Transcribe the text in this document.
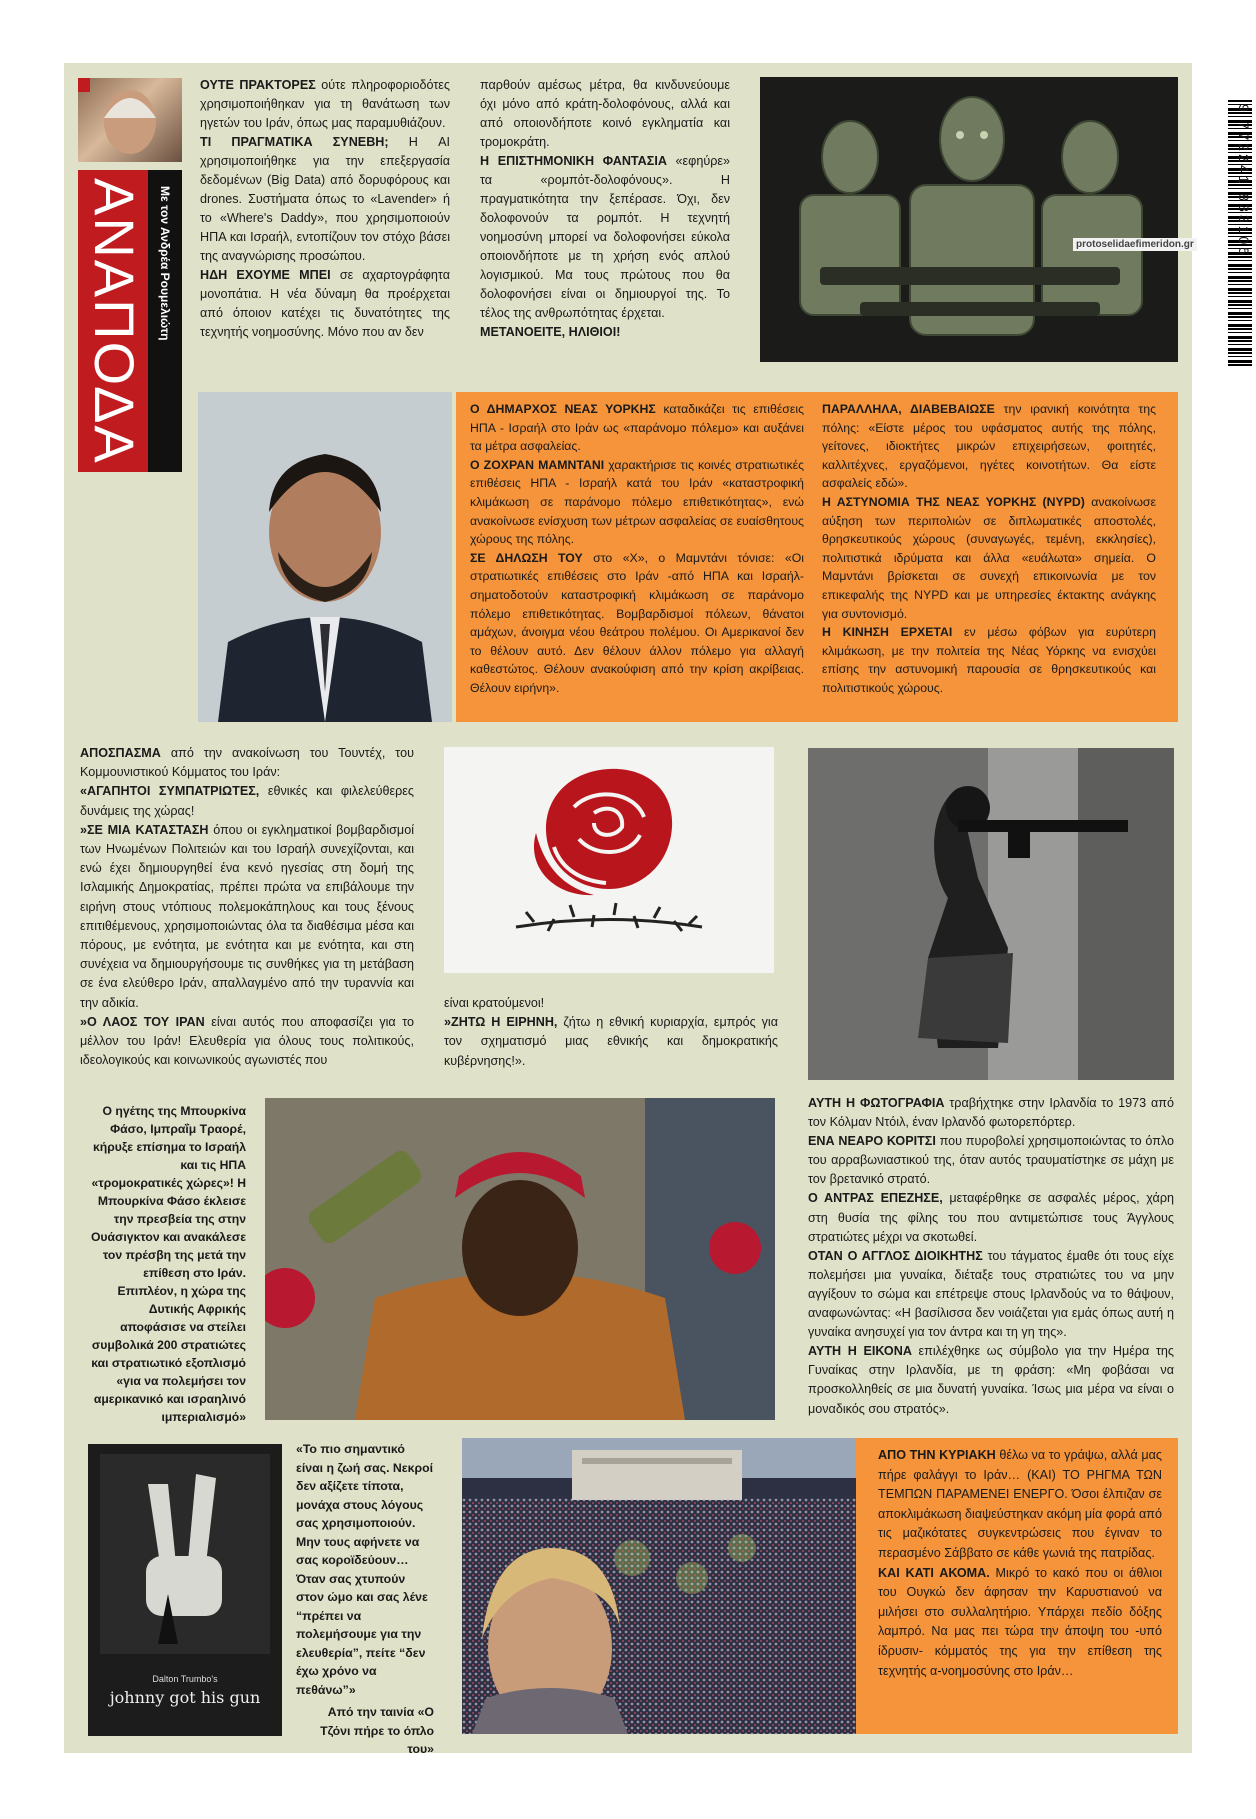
ΑΝΑΠΟΔΑ Με τον Ανδρέα Ρουμελιώτη

ΟΥΤΕ ΠΡΑΚΤΟΡΕΣ ούτε πληροφοριοδότες χρησιμοποιήθηκαν για τη θανάτωση των ηγετών του Ιράν, όπως μας παραμυθιάζουν.

ΤΙ ΠΡΑΓΜΑΤΙΚΑ ΣΥΝΕΒΗ; Η AI χρησιμοποιήθηκε για την επεξεργασία δεδομένων (Big Data) από δορυφόρους και drones. Συστήματα όπως το «Lavender» ή το «Where's Daddy», που χρησιμοποιούν ΗΠΑ και Ισραήλ, εντοπίζουν τον στόχο βάσει της αναγνώρισης προσώπου.

ΗΔΗ ΕΧΟΥΜΕ ΜΠΕΙ σε αχαρτογράφητα μονοπάτια. Η νέα δύναμη θα προέρχεται από όποιον κατέχει τις δυνατότητες της τεχνητής νοημοσύνης. Μόνο που αν δεν

παρθούν αμέσως μέτρα, θα κινδυνεύουμε όχι μόνο από κράτη-δολοφόνους, αλλά και από οποιονδήποτε κοινό εγκληματία και τρομοκράτη.

Η ΕΠΙΣΤΗΜΟΝΙΚΗ ΦΑΝΤΑΣΙΑ «εφηύρε» τα «ρομπότ-δολοφόνους». Η πραγματικότητα την ξεπέρασε. Όχι, δεν δολοφονούν τα ρομπότ. Η τεχνητή νοημοσύνη μπορεί να δολοφονήσει εύκολα οποιονδήποτε με τη χρήση ενός απλού λογισμικού. Μα τους πρώτους που θα δολοφονήσει είναι οι δημιουργοί της. Το τέλος της ανθρωπότητας έρχεται.

ΜΕΤΑΝΟΕΙΤΕ, ΗΛΙΘΙΟΙ!

9 772241 833105
protoselidaefimeridon.gr

Ο ΔΗΜΑΡΧΟΣ ΝΕΑΣ ΥΟΡΚΗΣ καταδικάζει τις επιθέσεις ΗΠΑ - Ισραήλ στο Ιράν ως «παράνομο πόλεμο» και αυξάνει τα μέτρα ασφαλείας.

Ο ΖΟΧΡΑΝ ΜΑΜΝΤΑΝΙ χαρακτήρισε τις κοινές στρατιωτικές επιθέσεις ΗΠΑ - Ισραήλ κατά του Ιράν «καταστροφική κλιμάκωση σε παράνομο πόλεμο επιθετικότητας», ενώ ανακοίνωσε ενίσχυση των μέτρων ασφαλείας σε ευαίσθητους χώρους της πόλης.

ΣΕ ΔΗΛΩΣΗ ΤΟΥ στο «Χ», ο Μαμντάνι τόνισε: «Οι στρατιωτικές επιθέσεις στο Ιράν -από ΗΠΑ και Ισραήλ- σηματοδοτούν καταστροφική κλιμάκωση σε παράνομο πόλεμο επιθετικότητας. Βομβαρδισμοί πόλεων, θάνατοι αμάχων, άνοιγμα νέου θεάτρου πολέμου. Οι Αμερικανοί δεν το θέλουν αυτό. Δεν θέλουν άλλον πόλεμο για αλλαγή καθεστώτος. Θέλουν ανακούφιση από την κρίση ακρίβειας. Θέλουν ειρήνη».

ΠΑΡΑΛΛΗΛΑ, ΔΙΑΒΕΒΑΙΩΣΕ την ιρανική κοινότητα της πόλης: «Είστε μέρος του υφάσματος αυτής της πόλης, γείτονες, ιδιοκτήτες μικρών επιχειρήσεων, φοιτητές, καλλιτέχνες, εργαζόμενοι, ηγέτες κοινοτήτων. Θα είστε ασφαλείς εδώ».

Η ΑΣΤΥΝΟΜΙΑ ΤΗΣ ΝΕΑΣ ΥΟΡΚΗΣ (NYPD) ανακοίνωσε αύξηση των περιπολιών σε διπλωματικές αποστολές, θρησκευτικούς χώρους (συναγωγές, τεμένη, εκκλησίες), πολιτιστικά ιδρύματα και άλλα «ευάλωτα» σημεία. Ο Μαμντάνι βρίσκεται σε συνεχή επικοινωνία με τον επικεφαλής της NYPD και με υπηρεσίες έκτακτης ανάγκης για συντονισμό.

Η ΚΙΝΗΣΗ ΕΡΧΕΤΑΙ εν μέσω φόβων για ευρύτερη κλιμάκωση, με την πολιτεία της Νέας Υόρκης να ενισχύει επίσης την αστυνομική παρουσία σε θρησκευτικούς και πολιτιστικούς χώρους.

ΑΠΟΣΠΑΣΜΑ από την ανακοίνωση του Τουντέχ, του Κομμουνιστικού Κόμματος του Ιράν:

«ΑΓΑΠΗΤΟΙ ΣΥΜΠΑΤΡΙΩΤΕΣ, εθνικές και φιλελεύθερες δυνάμεις της χώρας!

»ΣΕ ΜΙΑ ΚΑΤΑΣΤΑΣΗ όπου οι εγκληματικοί βομβαρδισμοί των Ηνωμένων Πολιτειών και του Ισραήλ συνεχίζονται, και ενώ έχει δημιουργηθεί ένα κενό ηγεσίας στη δομή της Ισλαμικής Δημοκρατίας, πρέπει πρώτα να επιβάλουμε την ειρήνη στους ντόπιους πολεμοκάπηλους και τους ξένους επιτιθέμενους, χρησιμοποιώντας όλα τα διαθέσιμα μέσα και πόρους, με ενότητα, με ενότητα και με ενότητα, και στη συνέχεια να δημιουργήσουμε τις συνθήκες για τη μετάβαση σε ένα ελεύθερο Ιράν, απαλλαγμένο από την τυραννία και την αδικία.

»Ο ΛΑΟΣ ΤΟΥ ΙΡΑΝ είναι αυτός που αποφασίζει για το μέλλον του Ιράν! Ελευθερία για όλους τους πολιτικούς, ιδεολογικούς και κοινωνικούς αγωνιστές που

είναι κρατούμενοι!

»ΖΗΤΩ Η ΕΙΡΗΝΗ, ζήτω η εθνική κυριαρχία, εμπρός για τον σχηματισμό μιας εθνικής και δημοκρατικής κυβέρνησης!».

Ο ηγέτης της Μπουρκίνα Φάσο, Ιμπραΐμ Τραορέ, κήρυξε επίσημα το Ισραήλ και τις ΗΠΑ «τρομοκρατικές χώρες»! Η Μπουρκίνα Φάσο έκλεισε την πρεσβεία της στην Ουάσιγκτον και ανακάλεσε τον πρέσβη της μετά την επίθεση στο Ιράν. Επιπλέον, η χώρα της Δυτικής Αφρικής αποφάσισε να στείλει συμβολικά 200 στρατιώτες και στρατιωτικό εξοπλισμό «για να πολεμήσει τον αμερικανικό και ισραηλινό ιμπεριαλισμό»

ΑΥΤΗ Η ΦΩΤΟΓΡΑΦΙΑ τραβήχτηκε στην Ιρλανδία το 1973 από τον Κόλμαν Ντόιλ, έναν Ιρλανδό φωτορεπόρτερ.

ΕΝΑ ΝΕΑΡΟ ΚΟΡΙΤΣΙ που πυροβολεί χρησιμοποιώντας το όπλο του αρραβωνιαστικού της, όταν αυτός τραυματίστηκε σε μάχη με τον βρετανικό στρατό.

Ο ΑΝΤΡΑΣ ΕΠΕΖΗΣΕ, μεταφέρθηκε σε ασφαλές μέρος, χάρη στη θυσία της φίλης του που αντιμετώπισε τους Άγγλους στρατιώτες μέχρι να σκοτωθεί.

ΟΤΑΝ Ο ΑΓΓΛΟΣ ΔΙΟΙΚΗΤΗΣ του τάγματος έμαθε ότι τους είχε πολεμήσει μια γυναίκα, διέταξε τους στρατιώτες του να μην αγγίξουν το σώμα και επέτρεψε στους Ιρλανδούς να το θάψουν, αναφωνώντας: «Η βασίλισσα δεν νοιάζεται για εμάς όπως αυτή η γυναίκα ανησυχεί για τον άντρα και τη γη της».

ΑΥΤΗ Η ΕΙΚΟΝΑ επιλέχθηκε ως σύμβολο για την Ημέρα της Γυναίκας στην Ιρλανδία, με τη φράση: «Μη φοβάσαι να προσκολληθείς σε μια δυνατή γυναίκα. Ίσως μια μέρα να είναι ο μοναδικός σου στρατός».

Dalton Trumbo's
johnny got his gun
«Το πιο σημαντικό είναι η ζωή σας. Νεκροί δεν αξίζετε τίποτα, μονάχα στους λόγους σας χρησιμοποιούν. Μην τους αφήνετε να σας κοροϊδεύουν… Όταν σας χτυπούν στον ώμο και σας λένε “πρέπει να πολεμήσουμε για την ελευθερία”, πείτε “δεν έχω χρόνο να πεθάνω”»
Από την ταινία «Ο Τζόνι πήρε το όπλο του»

ΑΠΟ ΤΗΝ ΚΥΡΙΑΚΗ θέλω να το γράψω, αλλά μας πήρε φαλάγγι το Ιράν… (ΚΑΙ) ΤΟ ΡΗΓΜΑ ΤΩΝ ΤΕΜΠΩΝ ΠΑΡΑΜΕΝΕΙ ΕΝΕΡΓΟ. Όσοι έλπιζαν σε αποκλιμάκωση διαψεύστηκαν ακόμη μία φορά από τις μαζικότατες συγκεντρώσεις που έγιναν το περασμένο Σάββατο σε κάθε γωνιά της πατρίδας.

ΚΑΙ ΚΑΤΙ ΑΚΟΜΑ. Μικρό το κακό που οι άθλιοι του Ουγκώ δεν άφησαν την Καρυστιανού να μιλήσει στο συλλαλητήριο. Υπάρχει πεδίο δόξης λαμπρό. Να μας πει τώρα την άποψη του -υπό ίδρυσιν- κόμματός της για την επίθεση της τεχνητής α-νοημοσύνης στο Ιράν…
